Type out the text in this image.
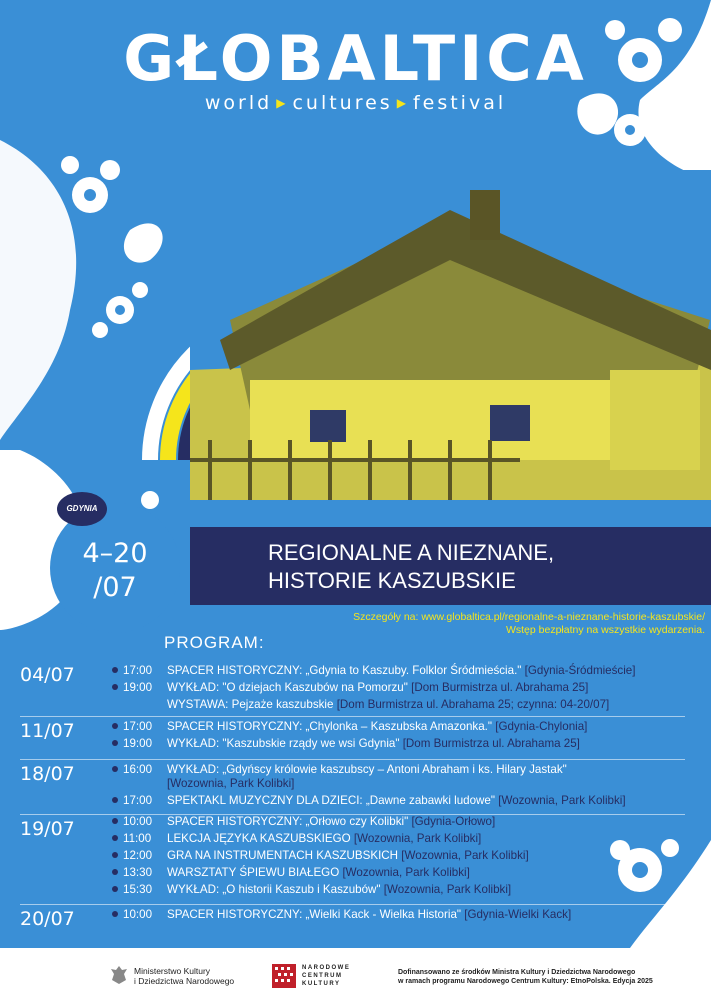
GŁOBALTICA
world ▶ cultures ▶ festival
REGIONALNE A NIEZNANE,
HISTORIE KASZUBSKIE
4–20
/07
GDYNIA
Szczegóły na: www.globaltica.pl/regionalne-a-nieznane-historie-kaszubskie/
Wstęp bezpłatny na wszystkie wydarzenia.
PROGRAM:
04/07	17:00 SPACER HISTORYCZNY: „Gdynia to Kaszuby. Folklor Śródmieścia." [Gdynia-Śródmieście]
19:00 WYKŁAD: "O dziejach Kaszubów na Pomorzu" [Dom Burmistrza ul. Abrahama 25]
WYSTAWA: Pejzaże kaszubskie [Dom Burmistrza ul. Abrahama 25; czynna: 04-20/07]
11/07	17:00 SPACER HISTORYCZNY: „Chylonka – Kaszubska Amazonka." [Gdynia-Chylonia]
19:00 WYKŁAD: "Kaszubskie rządy we wsi Gdynia" [Dom Burmistrza ul. Abrahama 25]
18/07	16:00 WYKŁAD: „Gdyńscy królowie kaszubscy – Antoni Abraham i ks. Hilary Jastak"
[Wozownia, Park Kolibki]
17:00 SPEKTAKL MUZYCZNY DLA DZIECI: „Dawne zabawki ludowe" [Wozownia, Park Kolibki]
19/07	10:00 SPACER HISTORYCZNY: „Orłowo czy Kolibki" [Gdynia-Orłowo]
11:00 LEKCJA JĘZYKA KASZUBSKIEGO [Wozownia, Park Kolibki]
12:00 GRA NA INSTRUMENTACH KASZUBSKICH [Wozownia, Park Kolibki]
13:30 WARSZTATY ŚPIEWU BIAŁEGO [Wozownia, Park Kolibki]
15:30 WYKŁAD: „O historii Kaszub i Kaszubów" [Wozownia, Park Kolibki]
20/07	10:00 SPACER HISTORYCZNY: „Wielki Kack - Wielka Historia" [Gdynia-Wielki Kack]
Ministerstwo Kultury
i Dziedzictwa Narodowego
NARODOWE
CENTRUM
KULTURY
Dofinansowano ze środków Ministra Kultury i Dziedzictwa Narodowego
w ramach programu Narodowego Centrum Kultury: EtnoPolska. Edycja 2025
